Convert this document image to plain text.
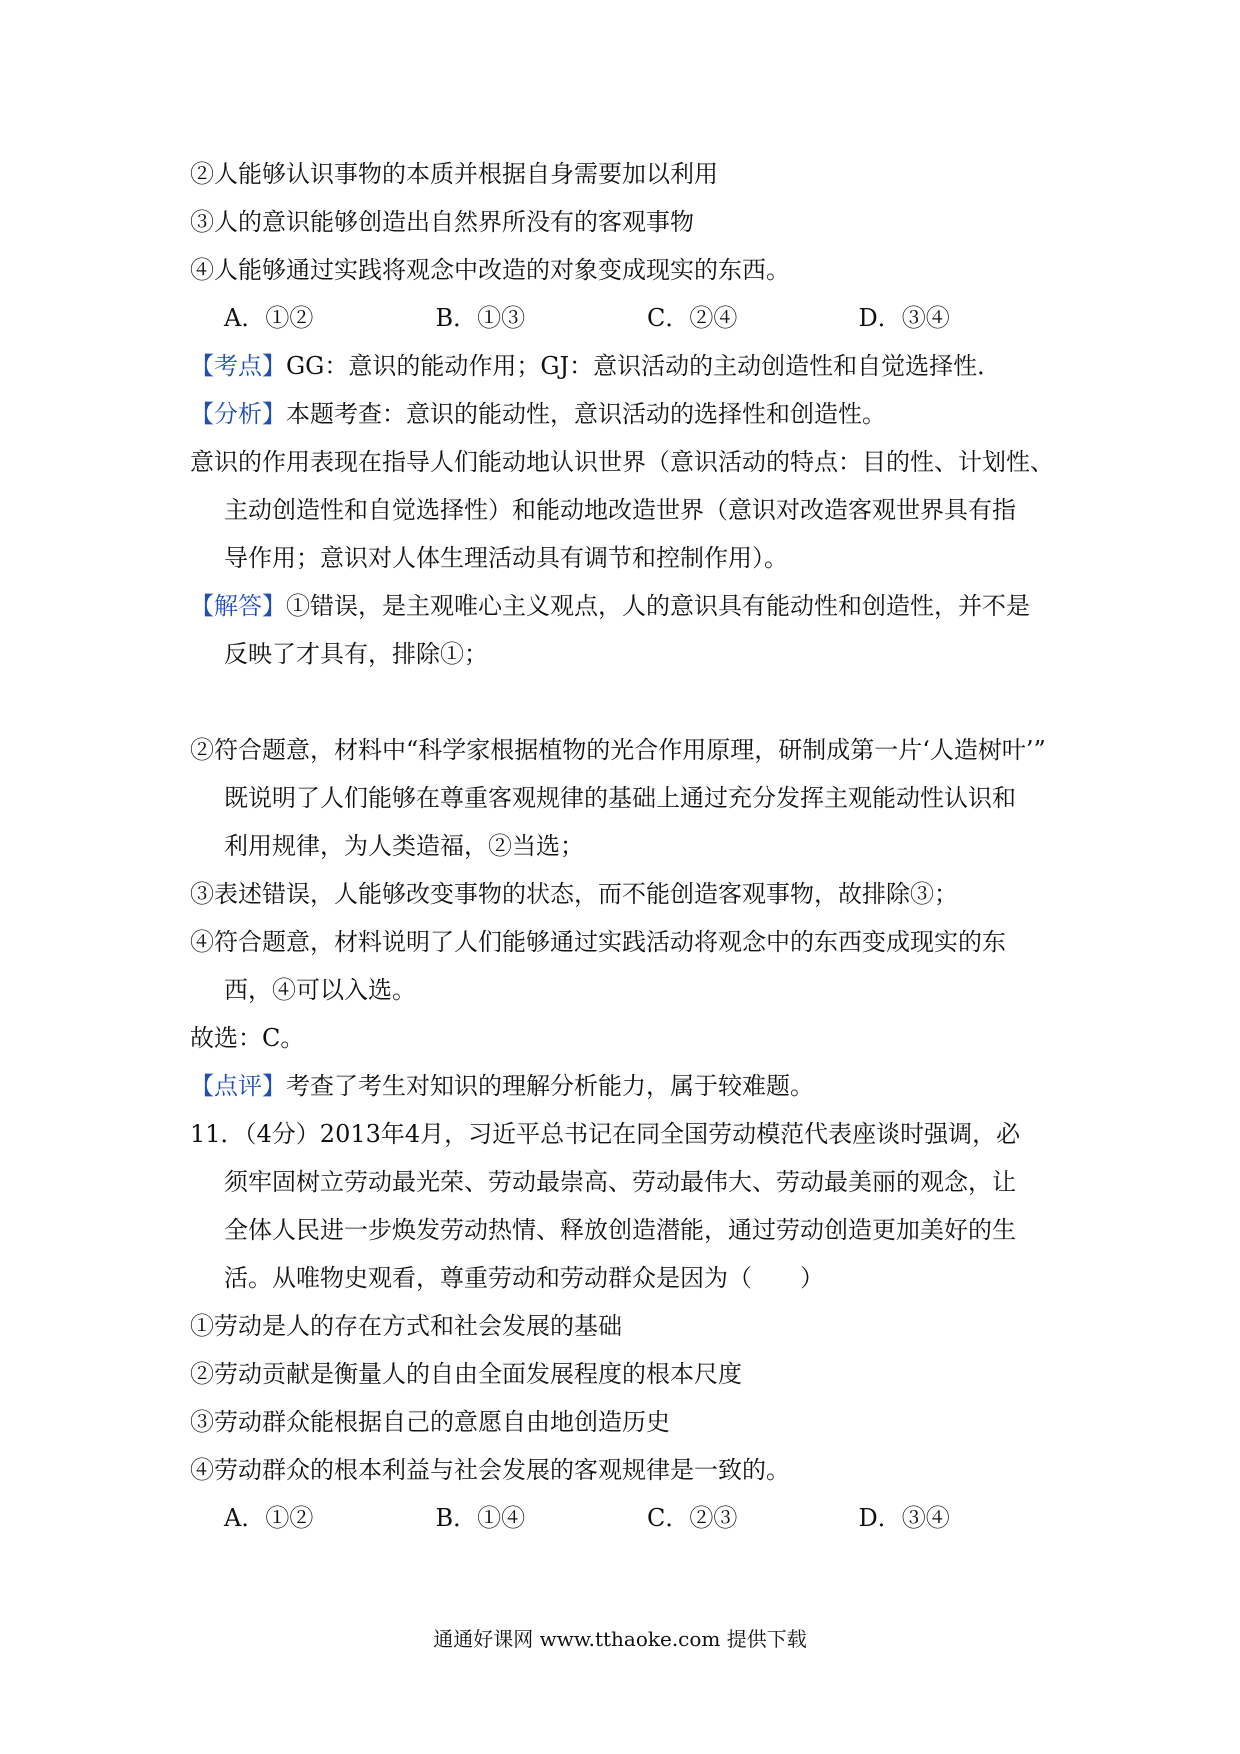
②人能够认识事物的本质并根据自身需要加以利用
③人的意识能够创造出自然界所没有的客观事物
④人能够通过实践将观念中改造的对象变成现实的东西。
A．①②	B．①③	C．②④	D．③④
【考点】GG：意识的能动作用；GJ：意识活动的主动创造性和自觉选择性．
【分析】本题考查：意识的能动性，意识活动的选择性和创造性。
意识的作用表现在指导人们能动地认识世界（意识活动的特点：目的性、计划性、
主动创造性和自觉选择性）和能动地改造世界（意识对改造客观世界具有指
导作用；意识对人体生理活动具有调节和控制作用）。
【解答】①错误，是主观唯心主义观点，人的意识具有能动性和创造性，并不是
反映了才具有，排除①；
②符合题意，材料中“科学家根据植物的光合作用原理，研制成第一片‘人造树叶’”
既说明了人们能够在尊重客观规律的基础上通过充分发挥主观能动性认识和
利用规律，为人类造福，②当选；
③表述错误，人能够改变事物的状态，而不能创造客观事物，故排除③；
④符合题意，材料说明了人们能够通过实践活动将观念中的东西变成现实的东
西，④可以入选。
故选：C。
【点评】考查了考生对知识的理解分析能力，属于较难题。
11．（4分）2013年4月，习近平总书记在同全国劳动模范代表座谈时强调，必
须牢固树立劳动最光荣、劳动最崇高、劳动最伟大、劳动最美丽的观念，让
全体人民进一步焕发劳动热情、释放创造潜能，通过劳动创造更加美好的生
活。从唯物史观看，尊重劳动和劳动群众是因为（　　）
①劳动是人的存在方式和社会发展的基础
②劳动贡献是衡量人的自由全面发展程度的根本尺度
③劳动群众能根据自己的意愿自由地创造历史
④劳动群众的根本利益与社会发展的客观规律是一致的。
A．①②	B．①④	C．②③	D．③④
通通好课网 www.tthaoke.com 提供下载
